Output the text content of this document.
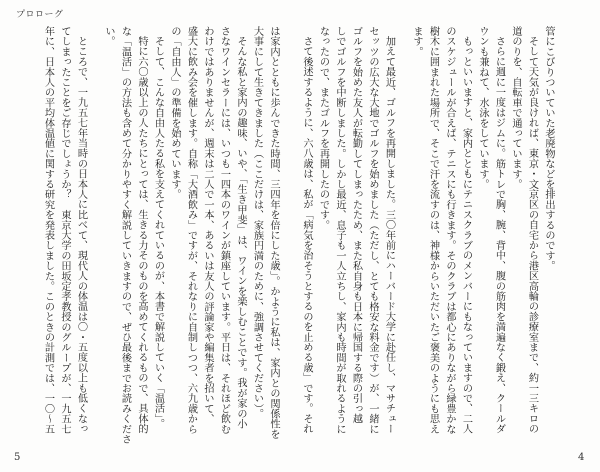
プロローグ
管にこびりついていた老廃物などを排出するのです。
そして天気が良ければ、東京・文京区の自宅から港区高輪の診療室まで、約一三キロの
道のりを、自転車で通っています。
さらに週に一度はジムに。筋トレで胸、腕、背中、腹の筋肉を満遍なく鍛え、クールダ
ウンも兼ねて、水泳をしています。
もっといいますと、家内とともにテニスクラブのメンバーにもなっていますので、二人
のスケジュールが合えば、テニスにも行きます。そのクラブは都心にありながら緑豊かな
樹木に囲まれた場所で、そこで汗を流すのは、神様からいただいたご褒美のようにも思え
ます。
加えて最近、ゴルフを再開しました。三〇年前にハーバード大学に赴任し、マサチュー
セッツの広大な大地でゴルフを始めました（ただし、とても格安な料金です）が、一緒に
ゴルフを始めた友人が転勤してしまったため、また私自身も日本に帰国する際の引っ越
しでゴルフを中断しました。しかし最近、息子も一人立ちし、家内も時間が取れるように
なったので、またゴルフを再開したのです。
さて後述するように、六八歳は、私が「病気を治そうとするのを止める歳」です。それ
は家内とともに歩んできた時間、三四年を倍にした歳」。かように私は、家内との関係性を
大事にして生きてきました（ここだけは、家族円満のために、強調させてください）。
そんな私と家内の趣味、いや、「生き甲斐」は、ワインを楽しむことです。我が家の小
さなワインセラーには、いつも一四本のワインが鎮座しています。平日は、それほど飲む
わけではありませんが、週末は二人で一本、あるいは友人の評論家や編集者を招いて、
盛大に飲み会を催します。自称「大酒飲み」ですが、それなりに自制しつつ、六九歳から
の「自由人」の準備を始めています。
そして、こんな自由人たる私を支えてくれているのが、本書で解説していく「温活」。
特に六〇歳以上の人たちにとっては、生きる力そのものを高めてくれるもので、具体的
な「温活」の方法も含めて分かりやすく解説していきますので、ぜひ最後までお読みくださ
い。
ところで、一九五七年当時の日本人に比べて、現代人の体温は〇・五度以上も低くなっ
てしまったことをご存じでしょうか？　東京大学の田坂定孝教授のグループが、一九五七
年に、日本人の平均体温値に関する研究を発表しました。このときの計測では、一〇〜五
5	4
